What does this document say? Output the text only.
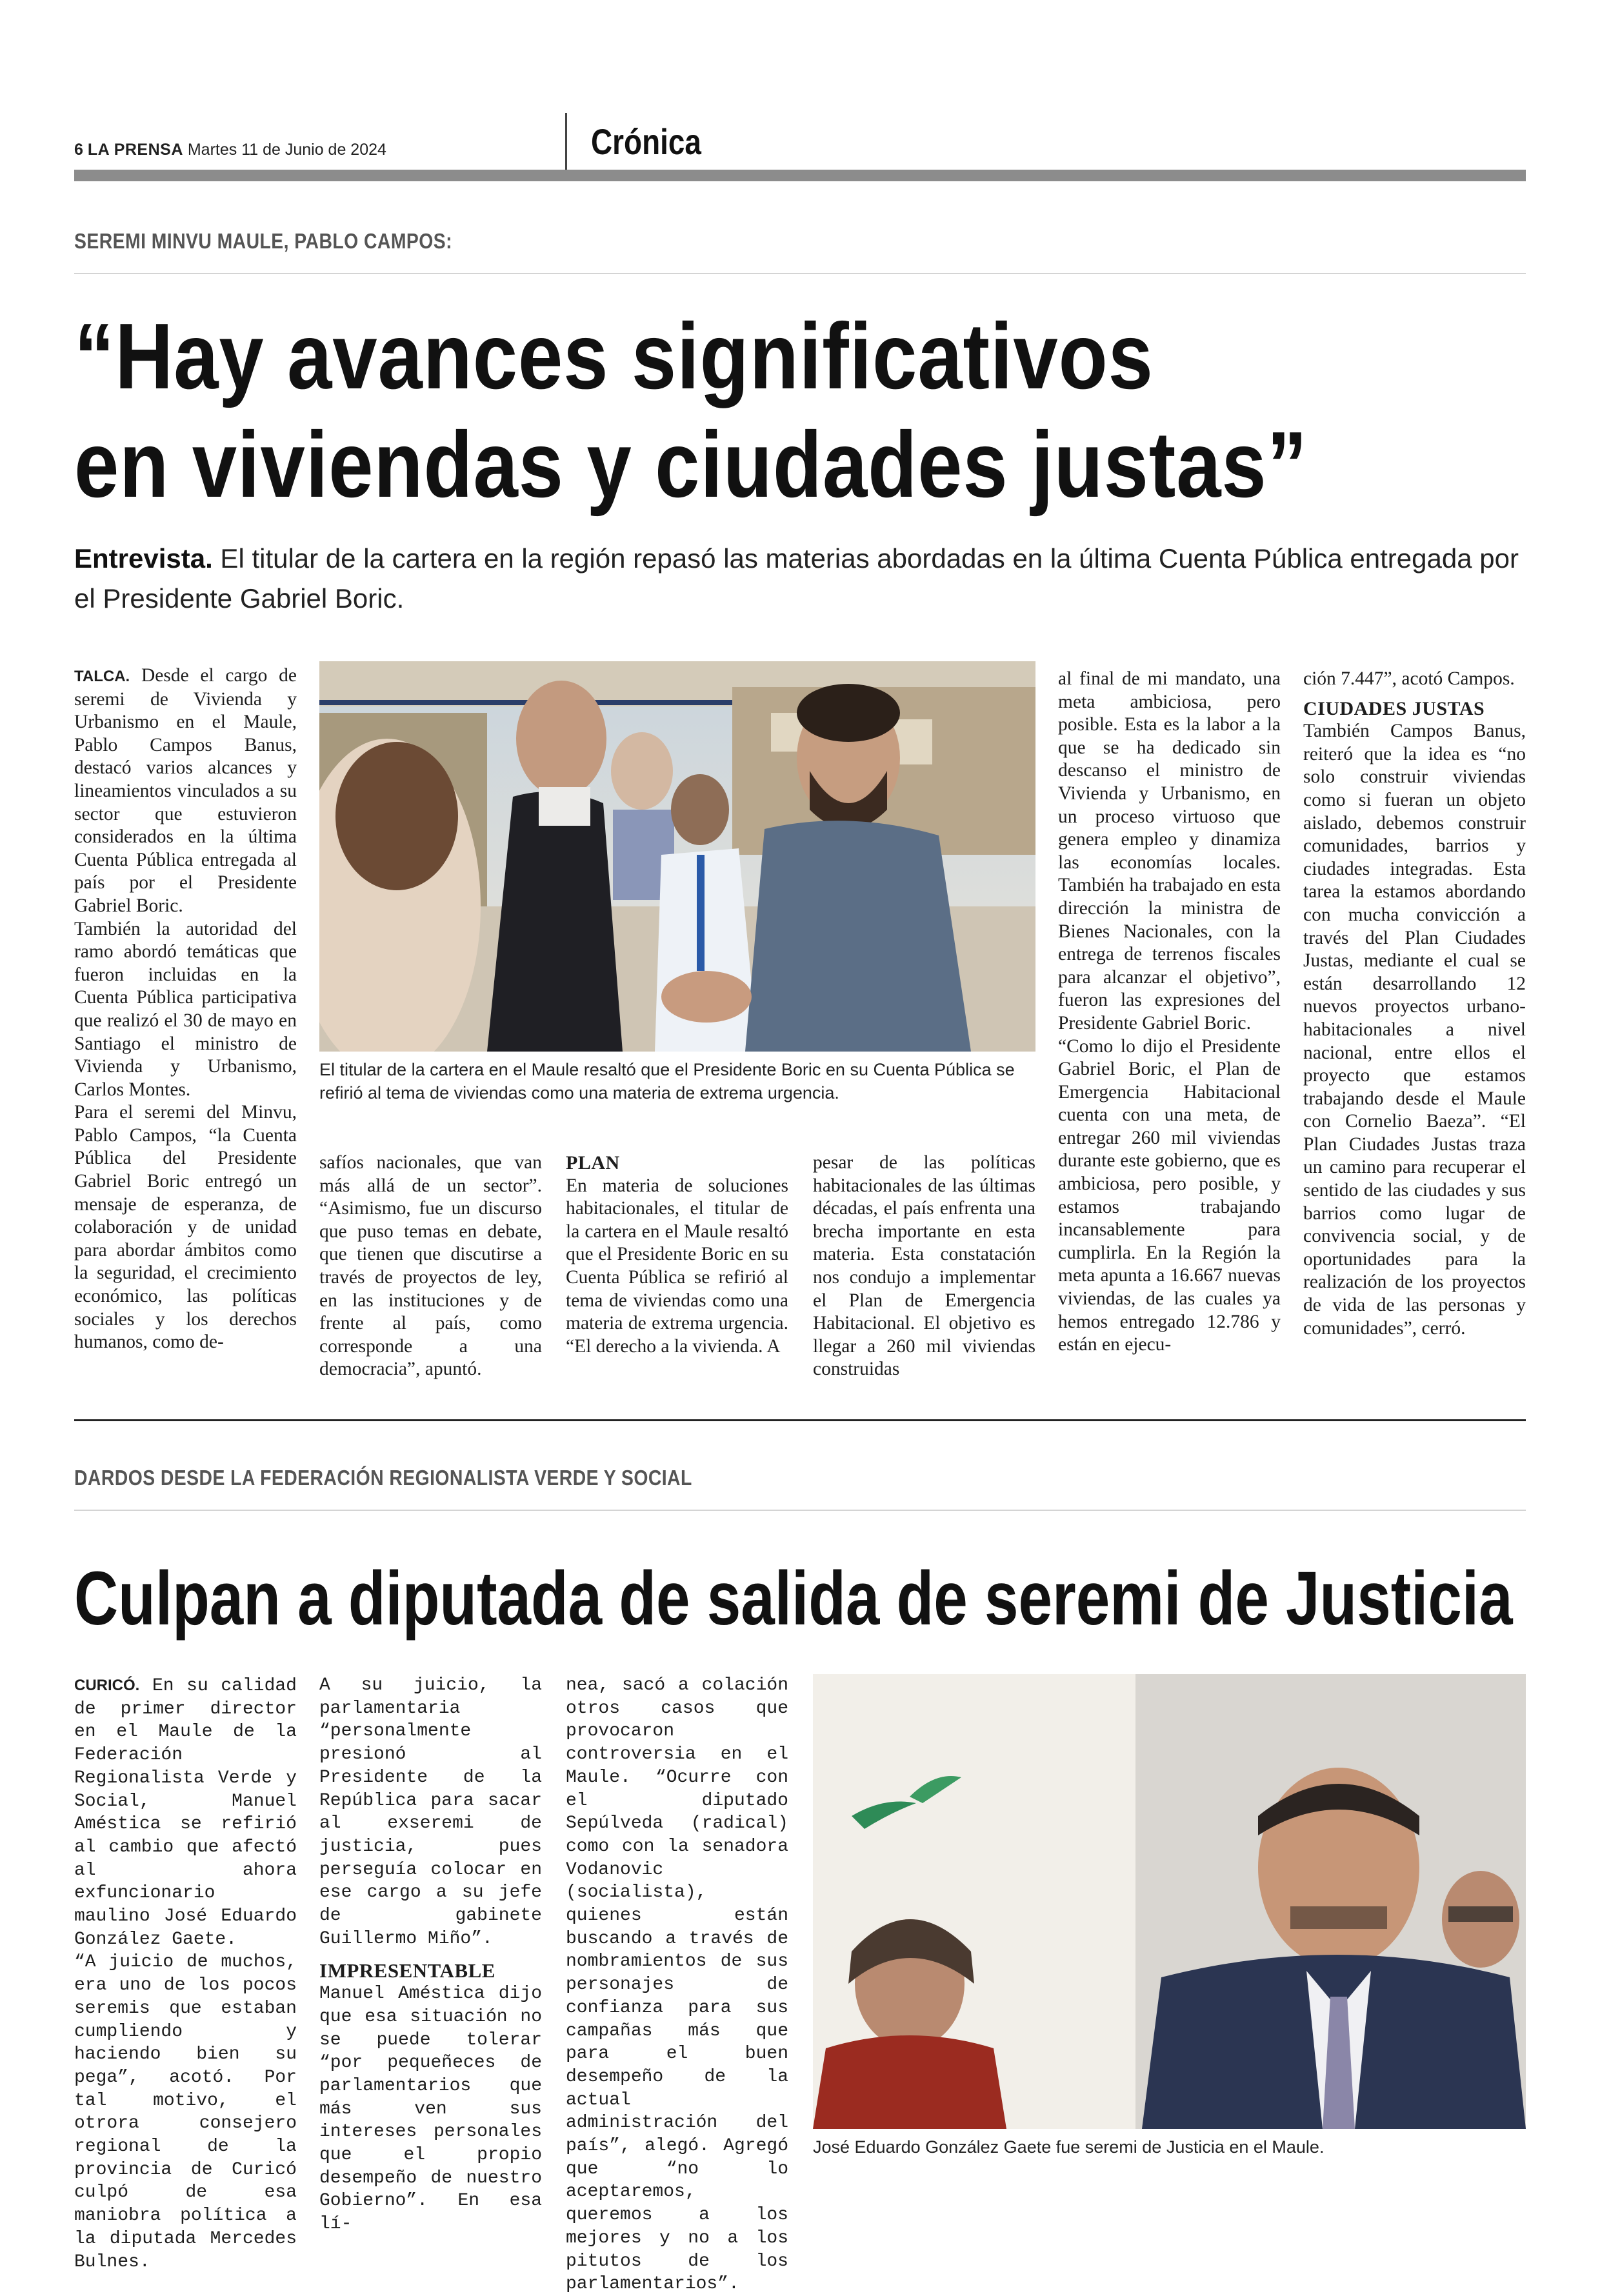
6 LA PRENSA Martes 11 de Junio de 2024	Crónica
SEREMI MINVU MAULE, PABLO CAMPOS:
“Hay avances significativos
en viviendas y ciudades justas”
Entrevista. El titular de la cartera en la región repasó las materias abordadas en la última Cuenta Pública entregada por el Presidente Gabriel Boric.

TALCA. Desde el cargo de seremi de Vivienda y Urbanismo en el Maule, Pablo Campos Banus, destacó varios alcances y lineamientos vinculados a su sector que estuvieron considerados en la última Cuenta Pública entregada al país por el Presidente Gabriel Boric.

También la autoridad del ramo abordó temáticas que fueron incluidas en la Cuenta Pública participativa que realizó el 30 de mayo en Santiago el ministro de Vivienda y Urbanismo, Carlos Montes.

Para el seremi del Minvu, Pablo Campos, “la Cuenta Pública del Presidente Gabriel Boric entregó un mensaje de esperanza, de colaboración y de unidad para abordar ámbitos como la seguridad, el crecimiento económico, las políticas sociales y los derechos humanos, como de-

El titular de la cartera en el Maule resaltó que el Presidente Boric en su Cuenta Pública se refirió al tema de viviendas como una materia de extrema urgencia.

safíos nacionales, que van más allá de un sector”. “Asimismo, fue un discurso que puso temas en debate, que tienen que discutirse a través de proyectos de ley, en las instituciones y de frente al país, como corresponde a una democracia”, apuntó.

PLAN

En materia de soluciones habitacionales, el titular de la cartera en el Maule resaltó que el Presidente Boric en su Cuenta Pública se refirió al tema de viviendas como una materia de extrema urgencia. “El derecho a la vivienda. A

pesar de las políticas habitacionales de las últimas décadas, el país enfrenta una brecha importante en esta materia. Esta constatación nos condujo a implementar el Plan de Emergencia Habitacional. El objetivo es llegar a 260 mil viviendas construidas

al final de mi mandato, una meta ambiciosa, pero posible. Esta es la labor a la que se ha dedicado sin descanso el ministro de Vivienda y Urbanismo, en un proceso virtuoso que genera empleo y dinamiza las economías locales. También ha trabajado en esta dirección la ministra de Bienes Nacionales, con la entrega de terrenos fiscales para alcanzar el objetivo”, fueron las expresiones del Presidente Gabriel Boric.

“Como lo dijo el Presidente Gabriel Boric, el Plan de Emergencia Habitacional cuenta con una meta, de entregar 260 mil viviendas durante este gobierno, que es ambiciosa, pero posible, y estamos trabajando incansablemente para cumplirla. En la Región la meta apunta a 16.667 nuevas viviendas, de las cuales ya hemos entregado 12.786 y están en ejecu-

ción 7.447”, acotó Campos.

CIUDADES JUSTAS

También Campos Banus, reiteró que la idea es “no solo construir viviendas como si fueran un objeto aislado, debemos construir comunidades, barrios y ciudades integradas. Esta tarea la estamos abordando con mucha convicción a través del Plan Ciudades Justas, mediante el cual se están desarrollando 12 nuevos proyectos urbano-habitacionales a nivel nacional, entre ellos el proyecto que estamos trabajando desde el Maule con Cornelio Baeza”. “El Plan Ciudades Justas traza un camino para recuperar el sentido de las ciudades y sus barrios como lugar de convivencia social, y de oportunidades para la realización de los proyectos de vida de las personas y comunidades”, cerró.

DARDOS DESDE LA FEDERACIÓN REGIONALISTA VERDE Y SOCIAL
Culpan a diputada de salida de seremi de Justicia

CURICÓ. En su calidad de primer director en el Maule de la Federación Regionalista Verde y Social, Manuel Améstica se refirió al cambio que afectó al ahora exfuncionario maulino José Eduardo González Gaete.

“A juicio de muchos, era uno de los pocos seremis que estaban cumpliendo y haciendo bien su pega”, acotó. Por tal motivo, el otrora consejero regional de la provincia de Curicó culpó de esa maniobra política a la diputada Mercedes Bulnes.

A su juicio, la parlamentaria “personalmente presionó al Presidente de la República para sacar al exseremi de justicia, pues perseguía colocar en ese cargo a su jefe de gabinete Guillermo Miño”.

IMPRESENTABLE

Manuel Améstica dijo que esa situación no se puede tolerar “por pequeñeces de parlamentarios que más ven sus intereses personales que el propio desempeño de nuestro Gobierno”. En esa lí-

nea, sacó a colación otros casos que provocaron controversia en el Maule. “Ocurre con el diputado Sepúlveda (radical) como con la senadora Vodanovic (socialista), quienes están buscando a través de nombramientos de sus personajes de confianza para sus campañas más que para el buen desempeño de la actual administración del país”, alegó. Agregó que “no lo aceptaremos, queremos a los mejores y no a los pitutos de los parlamentarios”.

José Eduardo González Gaete fue seremi de Justicia en el Maule.
